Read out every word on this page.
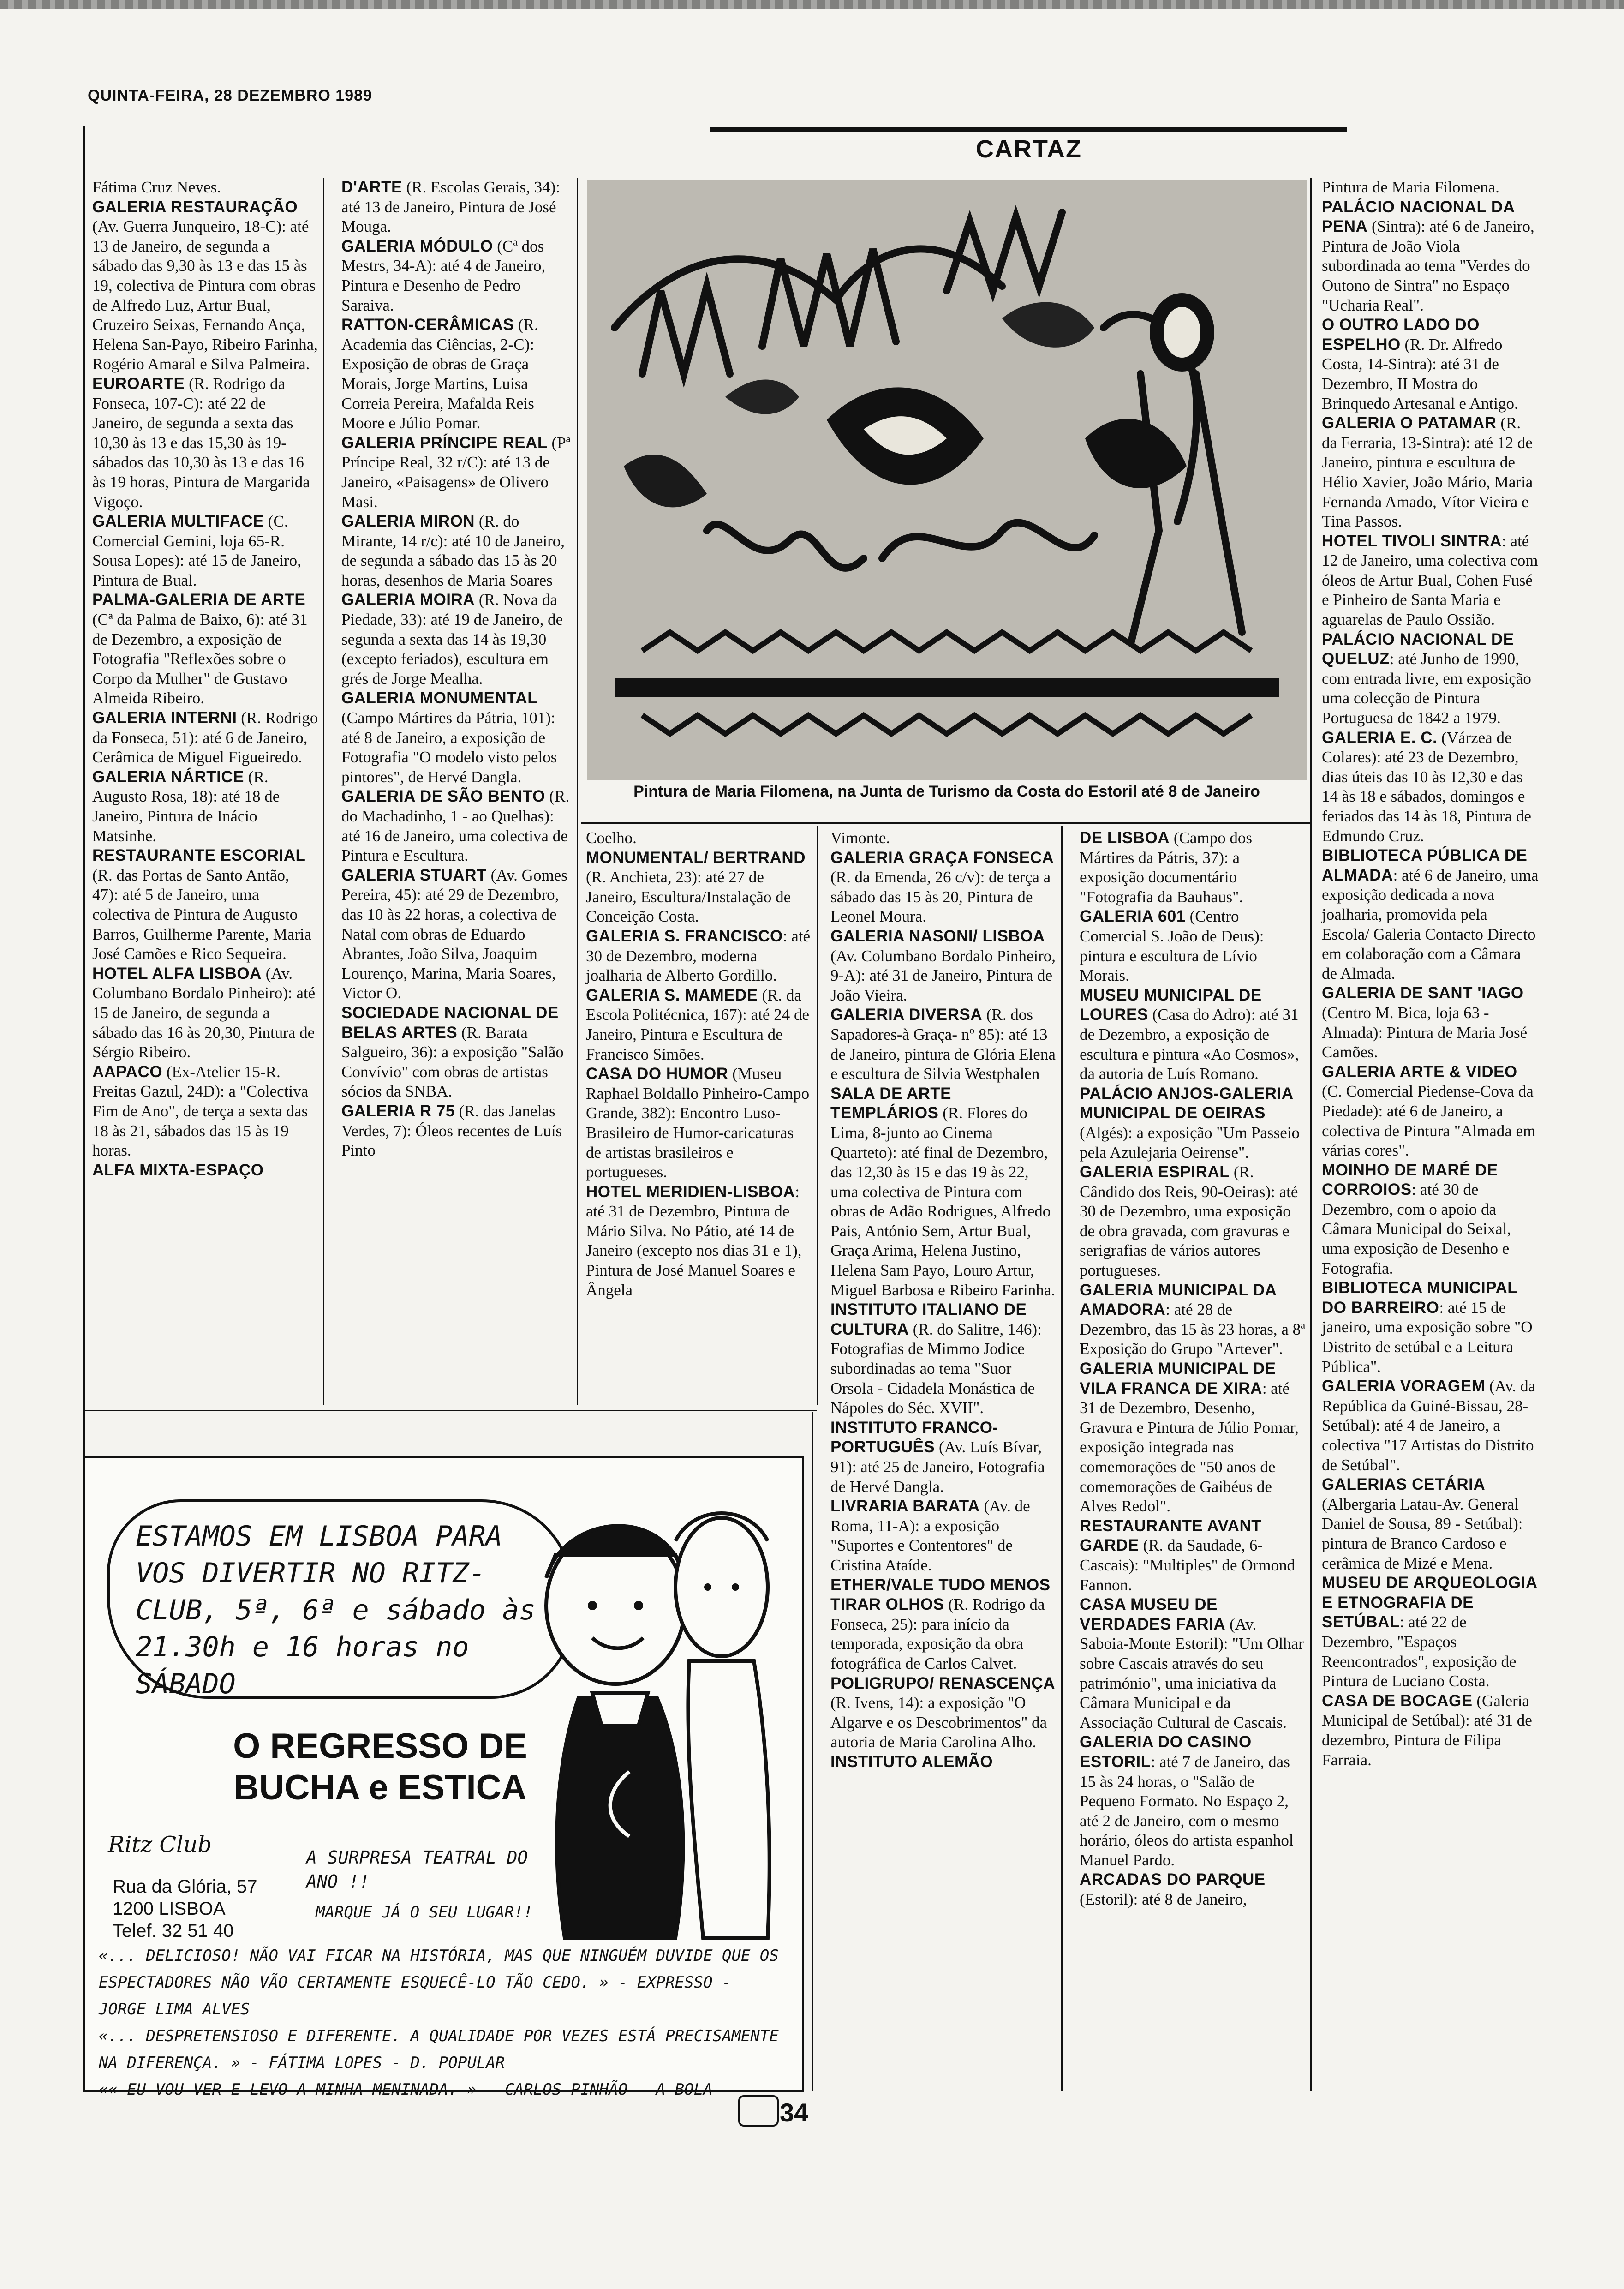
QUINTA-FEIRA, 28 DEZEMBRO 1989
CARTAZ
Pintura de Maria Filomena, na Junta de Turismo da Costa do Estoril até 8 de Janeiro

Fátima Cruz Neves.

GALERIA RESTAURAÇÃO (Av. Guerra Junqueiro, 18-C): até 13 de Janeiro, de segunda a sábado das 9,30 às 13 e das 15 às 19, colectiva de Pintura com obras de Alfredo Luz, Artur Bual, Cruzeiro Seixas, Fernando Ança, Helena San-Payo, Ribeiro Farinha, Rogério Amaral e Silva Palmeira.

EUROARTE (R. Rodrigo da Fonseca, 107-C): até 22 de Janeiro, de segunda a sexta das 10,30 às 13 e das 15,30 às 19-sábados das 10,30 às 13 e das 16 às 19 horas, Pintura de Margarida Vigoço.

GALERIA MULTIFACE (C. Comercial Gemini, loja 65-R. Sousa Lopes): até 15 de Janeiro, Pintura de Bual.

PALMA-GALERIA DE ARTE (Cª da Palma de Baixo, 6): até 31 de Dezembro, a exposição de Fotografia "Reflexões sobre o Corpo da Mulher" de Gustavo Almeida Ribeiro.

GALERIA INTERNI (R. Rodrigo da Fonseca, 51): até 6 de Janeiro, Cerâmica de Miguel Figueiredo.

GALERIA NÁRTICE (R. Augusto Rosa, 18): até 18 de Janeiro, Pintura de Inácio Matsinhe.

RESTAURANTE ESCORIAL (R. das Portas de Santo Antão, 47): até 5 de Janeiro, uma colectiva de Pintura de Augusto Barros, Guilherme Parente, Maria José Camões e Rico Sequeira.

HOTEL ALFA LISBOA (Av. Columbano Bordalo Pinheiro): até 15 de Janeiro, de segunda a sábado das 16 às 20,30, Pintura de Sérgio Ribeiro.

AAPACO (Ex-Atelier 15-R. Freitas Gazul, 24D): a "Colectiva Fim de Ano", de terça a sexta das 18 às 21, sábados das 15 às 19 horas.

ALFA MIXTA-ESPAÇO

D'ARTE (R. Escolas Gerais, 34): até 13 de Janeiro, Pintura de José Mouga.

GALERIA MÓDULO (Cª dos Mestrs, 34-A): até 4 de Janeiro, Pintura e Desenho de Pedro Saraiva.

RATTON-CERÂMICAS (R. Academia das Ciências, 2-C): Exposição de obras de Graça Morais, Jorge Martins, Luisa Correia Pereira, Mafalda Reis Moore e Júlio Pomar.

GALERIA PRÍNCIPE REAL (Pª Príncipe Real, 32 r/C): até 13 de Janeiro, «Paisagens» de Olivero Masi.

GALERIA MIRON (R. do Mirante, 14 r/c): até 10 de Janeiro, de segunda a sábado das 15 às 20 horas, desenhos de Maria Soares

GALERIA MOIRA (R. Nova da Piedade, 33): até 19 de Janeiro, de segunda a sexta das 14 às 19,30 (excepto feriados), escultura em grés de Jorge Mealha.

GALERIA MONUMENTAL (Campo Mártires da Pátria, 101): até 8 de Janeiro, a exposição de Fotografia "O modelo visto pelos pintores", de Hervé Dangla.

GALERIA DE SÃO BENTO (R. do Machadinho, 1 - ao Quelhas): até 16 de Janeiro, uma colectiva de Pintura e Escultura.

GALERIA STUART (Av. Gomes Pereira, 45): até 29 de Dezembro, das 10 às 22 horas, a colectiva de Natal com obras de Eduardo Abrantes, João Silva, Joaquim Lourenço, Marina, Maria Soares, Victor O.

SOCIEDADE NACIONAL DE BELAS ARTES (R. Barata Salgueiro, 36): a exposição "Salão Convívio" com obras de artistas sócios da SNBA.

GALERIA R 75 (R. das Janelas Verdes, 7): Óleos recentes de Luís Pinto

Coelho.

MONUMENTAL/ BERTRAND (R. Anchieta, 23): até 27 de Janeiro, Escultura/Instalação de Conceição Costa.

GALERIA S. FRANCISCO: até 30 de Dezembro, moderna joalharia de Alberto Gordillo.

GALERIA S. MAMEDE (R. da Escola Politécnica, 167): até 24 de Janeiro, Pintura e Escultura de Francisco Simões.

CASA DO HUMOR (Museu Raphael Boldallo Pinheiro-Campo Grande, 382): Encontro Luso-Brasileiro de Humor-caricaturas de artistas brasileiros e portugueses.

HOTEL MERIDIEN-LISBOA: até 31 de Dezembro, Pintura de Mário Silva. No Pátio, até 14 de Janeiro (excepto nos dias 31 e 1), Pintura de José Manuel Soares e Ângela

Vimonte.

GALERIA GRAÇA FONSECA (R. da Emenda, 26 c/v): de terça a sábado das 15 às 20, Pintura de Leonel Moura.

GALERIA NASONI/ LISBOA (Av. Columbano Bordalo Pinheiro, 9-A): até 31 de Janeiro, Pintura de João Vieira.

GALERIA DIVERSA (R. dos Sapadores-à Graça- nº 85): até 13 de Janeiro, pintura de Glória Elena e escultura de Silvia Westphalen

SALA DE ARTE TEMPLÁRIOS (R. Flores do Lima, 8-junto ao Cinema Quarteto): até final de Dezembro, das 12,30 às 15 e das 19 às 22, uma colectiva de Pintura com obras de Adão Rodrigues, Alfredo Pais, António Sem, Artur Bual, Graça Arima, Helena Justino, Helena Sam Payo, Louro Artur, Miguel Barbosa e Ribeiro Farinha.

INSTITUTO ITALIANO DE CULTURA (R. do Salitre, 146): Fotografias de Mimmo Jodice subordinadas ao tema "Suor Orsola - Cidadela Monástica de Nápoles do Séc. XVII".

INSTITUTO FRANCO-PORTUGUÊS (Av. Luís Bívar, 91): até 25 de Janeiro, Fotografia de Hervé Dangla.

LIVRARIA BARATA (Av. de Roma, 11-A): a exposição "Suportes e Contentores" de Cristina Ataíde.

ETHER/VALE TUDO MENOS TIRAR OLHOS (R. Rodrigo da Fonseca, 25): para início da temporada, exposição da obra fotográfica de Carlos Calvet.

POLIGRUPO/ RENASCENÇA (R. Ivens, 14): a exposição "O Algarve e os Descobrimentos" da autoria de Maria Carolina Alho.

INSTITUTO ALEMÃO

DE LISBOA (Campo dos Mártires da Pátris, 37): a exposição documentário "Fotografia da Bauhaus".

GALERIA 601 (Centro Comercial S. João de Deus): pintura e escultura de Lívio Morais.

MUSEU MUNICIPAL DE LOURES (Casa do Adro): até 31 de Dezembro, a exposição de escultura e pintura «Ao Cosmos», da autoria de Luís Romano.

PALÁCIO ANJOS-GALERIA MUNICIPAL DE OEIRAS (Algés): a exposição "Um Passeio pela Azulejaria Oeirense".

GALERIA ESPIRAL (R. Cândido dos Reis, 90-Oeiras): até 30 de Dezembro, uma exposição de obra gravada, com gravuras e serigrafias de vários autores portugueses.

GALERIA MUNICIPAL DA AMADORA: até 28 de Dezembro, das 15 às 23 horas, a 8ª Exposição do Grupo "Artever".

GALERIA MUNICIPAL DE VILA FRANCA DE XIRA: até 31 de Dezembro, Desenho, Gravura e Pintura de Júlio Pomar, exposição integrada nas comemorações de "50 anos de comemorações de Gaibéus de Alves Redol".

RESTAURANTE AVANT GARDE (R. da Saudade, 6-Cascais): "Multiples" de Ormond Fannon.

CASA MUSEU DE VERDADES FARIA (Av. Saboia-Monte Estoril): "Um Olhar sobre Cascais através do seu património", uma iniciativa da Câmara Municipal e da Associação Cultural de Cascais.

GALERIA DO CASINO ESTORIL: até 7 de Janeiro, das 15 às 24 horas, o "Salão de Pequeno Formato. No Espaço 2, até 2 de Janeiro, com o mesmo horário, óleos do artista espanhol Manuel Pardo.

ARCADAS DO PARQUE (Estoril): até 8 de Janeiro,

Pintura de Maria Filomena.

PALÁCIO NACIONAL DA PENA (Sintra): até 6 de Janeiro, Pintura de João Viola subordinada ao tema "Verdes do Outono de Sintra" no Espaço "Ucharia Real".

O OUTRO LADO DO ESPELHO (R. Dr. Alfredo Costa, 14-Sintra): até 31 de Dezembro, II Mostra do Brinquedo Artesanal e Antigo.

GALERIA O PATAMAR (R. da Ferraria, 13-Sintra): até 12 de Janeiro, pintura e escultura de Hélio Xavier, João Mário, Maria Fernanda Amado, Vítor Vieira e Tina Passos.

HOTEL TIVOLI SINTRA: até 12 de Janeiro, uma colectiva com óleos de Artur Bual, Cohen Fusé e Pinheiro de Santa Maria e aguarelas de Paulo Ossião.

PALÁCIO NACIONAL DE QUELUZ: até Junho de 1990, com entrada livre, em exposição uma colecção de Pintura Portuguesa de 1842 a 1979.

GALERIA E. C. (Várzea de Colares): até 23 de Dezembro, dias úteis das 10 às 12,30 e das 14 às 18 e sábados, domingos e feriados das 14 às 18, Pintura de Edmundo Cruz.

BIBLIOTECA PÚBLICA DE ALMADA: até 6 de Janeiro, uma exposição dedicada a nova joalharia, promovida pela Escola/ Galeria Contacto Directo em colaboração com a Câmara de Almada.

GALERIA DE SANT 'IAGO (Centro M. Bica, loja 63 - Almada): Pintura de Maria José Camões.

GALERIA ARTE & VIDEO (C. Comercial Piedense-Cova da Piedade): até 6 de Janeiro, a colectiva de Pintura "Almada em várias cores".

MOINHO DE MARÉ DE CORROIOS: até 30 de Dezembro, com o apoio da Câmara Municipal do Seixal, uma exposição de Desenho e Fotografia.

BIBLIOTECA MUNICIPAL DO BARREIRO: até 15 de janeiro, uma exposição sobre "O Distrito de setúbal e a Leitura Pública".

GALERIA VORAGEM (Av. da República da Guiné-Bissau, 28- Setúbal): até 4 de Janeiro, a colectiva "17 Artistas do Distrito de Setúbal".

GALERIAS CETÁRIA (Albergaria Latau-Av. General Daniel de Sousa, 89 - Setúbal): pintura de Branco Cardoso e cerâmica de Mizé e Mena.

MUSEU DE ARQUEOLOGIA E ETNOGRAFIA DE SETÚBAL: até 22 de Dezembro, "Espaços Reencontrados", exposição de Pintura de Luciano Costa.

CASA DE BOCAGE (Galeria Municipal de Setúbal): até 31 de dezembro, Pintura de Filipa Farraia.

ESTAMOS EM LISBOA PARA VOS DIVERTIR NO RITZ-CLUB, 5ª, 6ª e sábado às 21.30h e 16 horas no SÁBADO
O REGRESSO DE BUCHA e ESTICA
Ritz Club
Rua da Glória, 57
1200 LISBOA
Telef. 32 51 40
A SURPRESA TEATRAL DO ANO !!
MARQUE JÁ O SEU LUGAR!!
«... DELICIOSO! NÃO VAI FICAR NA HISTÓRIA, MAS QUE NINGUÉM DUVIDE QUE OS ESPECTADORES NÃO VÃO CERTAMENTE ESQUECÊ-LO TÃO CEDO. » - EXPRESSO - JORGE LIMA ALVES
«... DESPRETENSIOSO E DIFERENTE. A QUALIDADE POR VEZES ESTÁ PRECISAMENTE NA DIFERENÇA. » - FÁTIMA LOPES - D. POPULAR
«« EU VOU VER E LEVO A MINHA MENINADA. » - CARLOS PINHÃO - A BOLA
34
